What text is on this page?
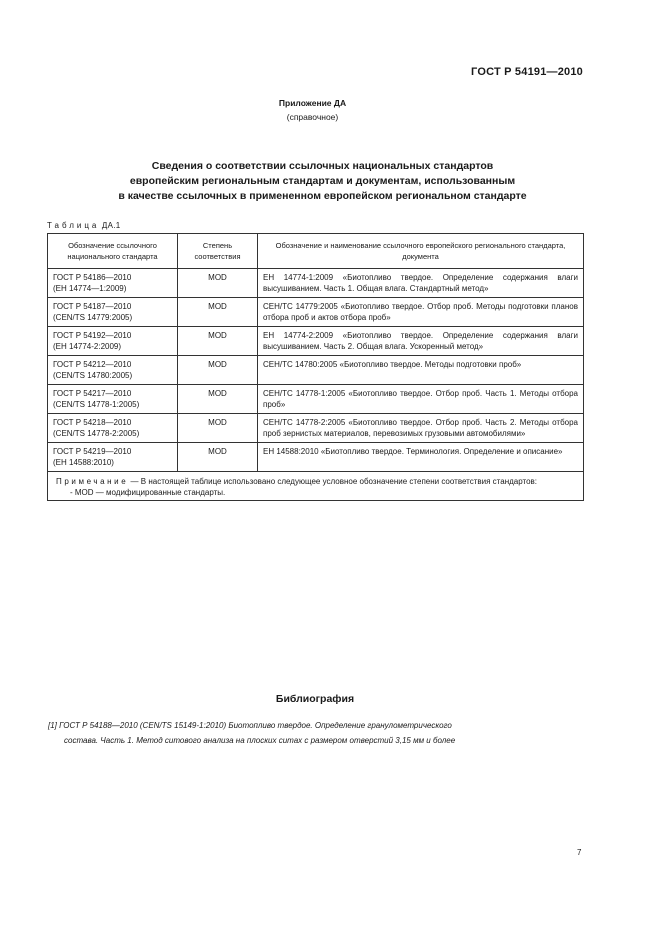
ГОСТ Р 54191—2010
Приложение ДА
(справочное)
Сведения о соответствии ссылочных национальных стандартов
европейским региональным стандартам и документам, использованным
в качестве ссылочных в примененном европейском региональном стандарте
Таблица ДА.1
Обозначение ссылочного национального стандарта	Степень соответствия	Обозначение и наименование ссылочного европейского регионального стандарта, документа

ГОСТ Р 54186—2010
(ЕН 14774—1:2009)	MOD	ЕН 14774-1:2009 «Биотопливо твердое. Определение содержания влаги высушиванием. Часть 1. Общая влага. Стандартный метод»

ГОСТ Р 54187—2010
(CEN/TS 14779:2005)	MOD	СЕН/ТС 14779:2005 «Биотопливо твердое. Отбор проб. Методы подготовки планов отбора проб и актов отбора проб»

ГОСТ Р 54192—2010
(ЕН 14774-2:2009)	MOD	ЕН 14774-2:2009 «Биотопливо твердое. Определение содержания влаги высушиванием. Часть 2. Общая влага. Ускоренный метод»

ГОСТ Р 54212—2010
(CEN/TS 14780:2005)	MOD	СЕН/ТС 14780:2005 «Биотопливо твердое. Методы подготовки проб»

ГОСТ Р 54217—2010
(CEN/TS 14778-1:2005)	MOD	СЕН/ТС 14778-1:2005 «Биотопливо твердое. Отбор проб. Часть 1. Методы отбора проб»

ГОСТ Р 54218—2010
(CEN/TS 14778-2:2005)	MOD	СЕН/ТС 14778-2:2005 «Биотопливо твердое. Отбор проб. Часть 2. Методы отбора проб зернистых материалов, перевозимых грузовыми автомобилями»

ГОСТ Р 54219—2010
(ЕН 14588:2010)	MOD	ЕН 14588:2010 «Биотопливо твердое. Терминология. Определение и описание»

Примечание — В настоящей таблице использовано следующее условное обозначение степени соответствия стандартов:
- MOD — модифицированные стандарты.		
Библиография
[1] ГОСТ Р 54188—2010 (CEN/TS 15149-1:2010) Биотопливо твердое. Определение гранулометрического
состава. Часть 1. Метод ситового анализа на плоских ситах с размером отверстий 3,15 мм и более
7
